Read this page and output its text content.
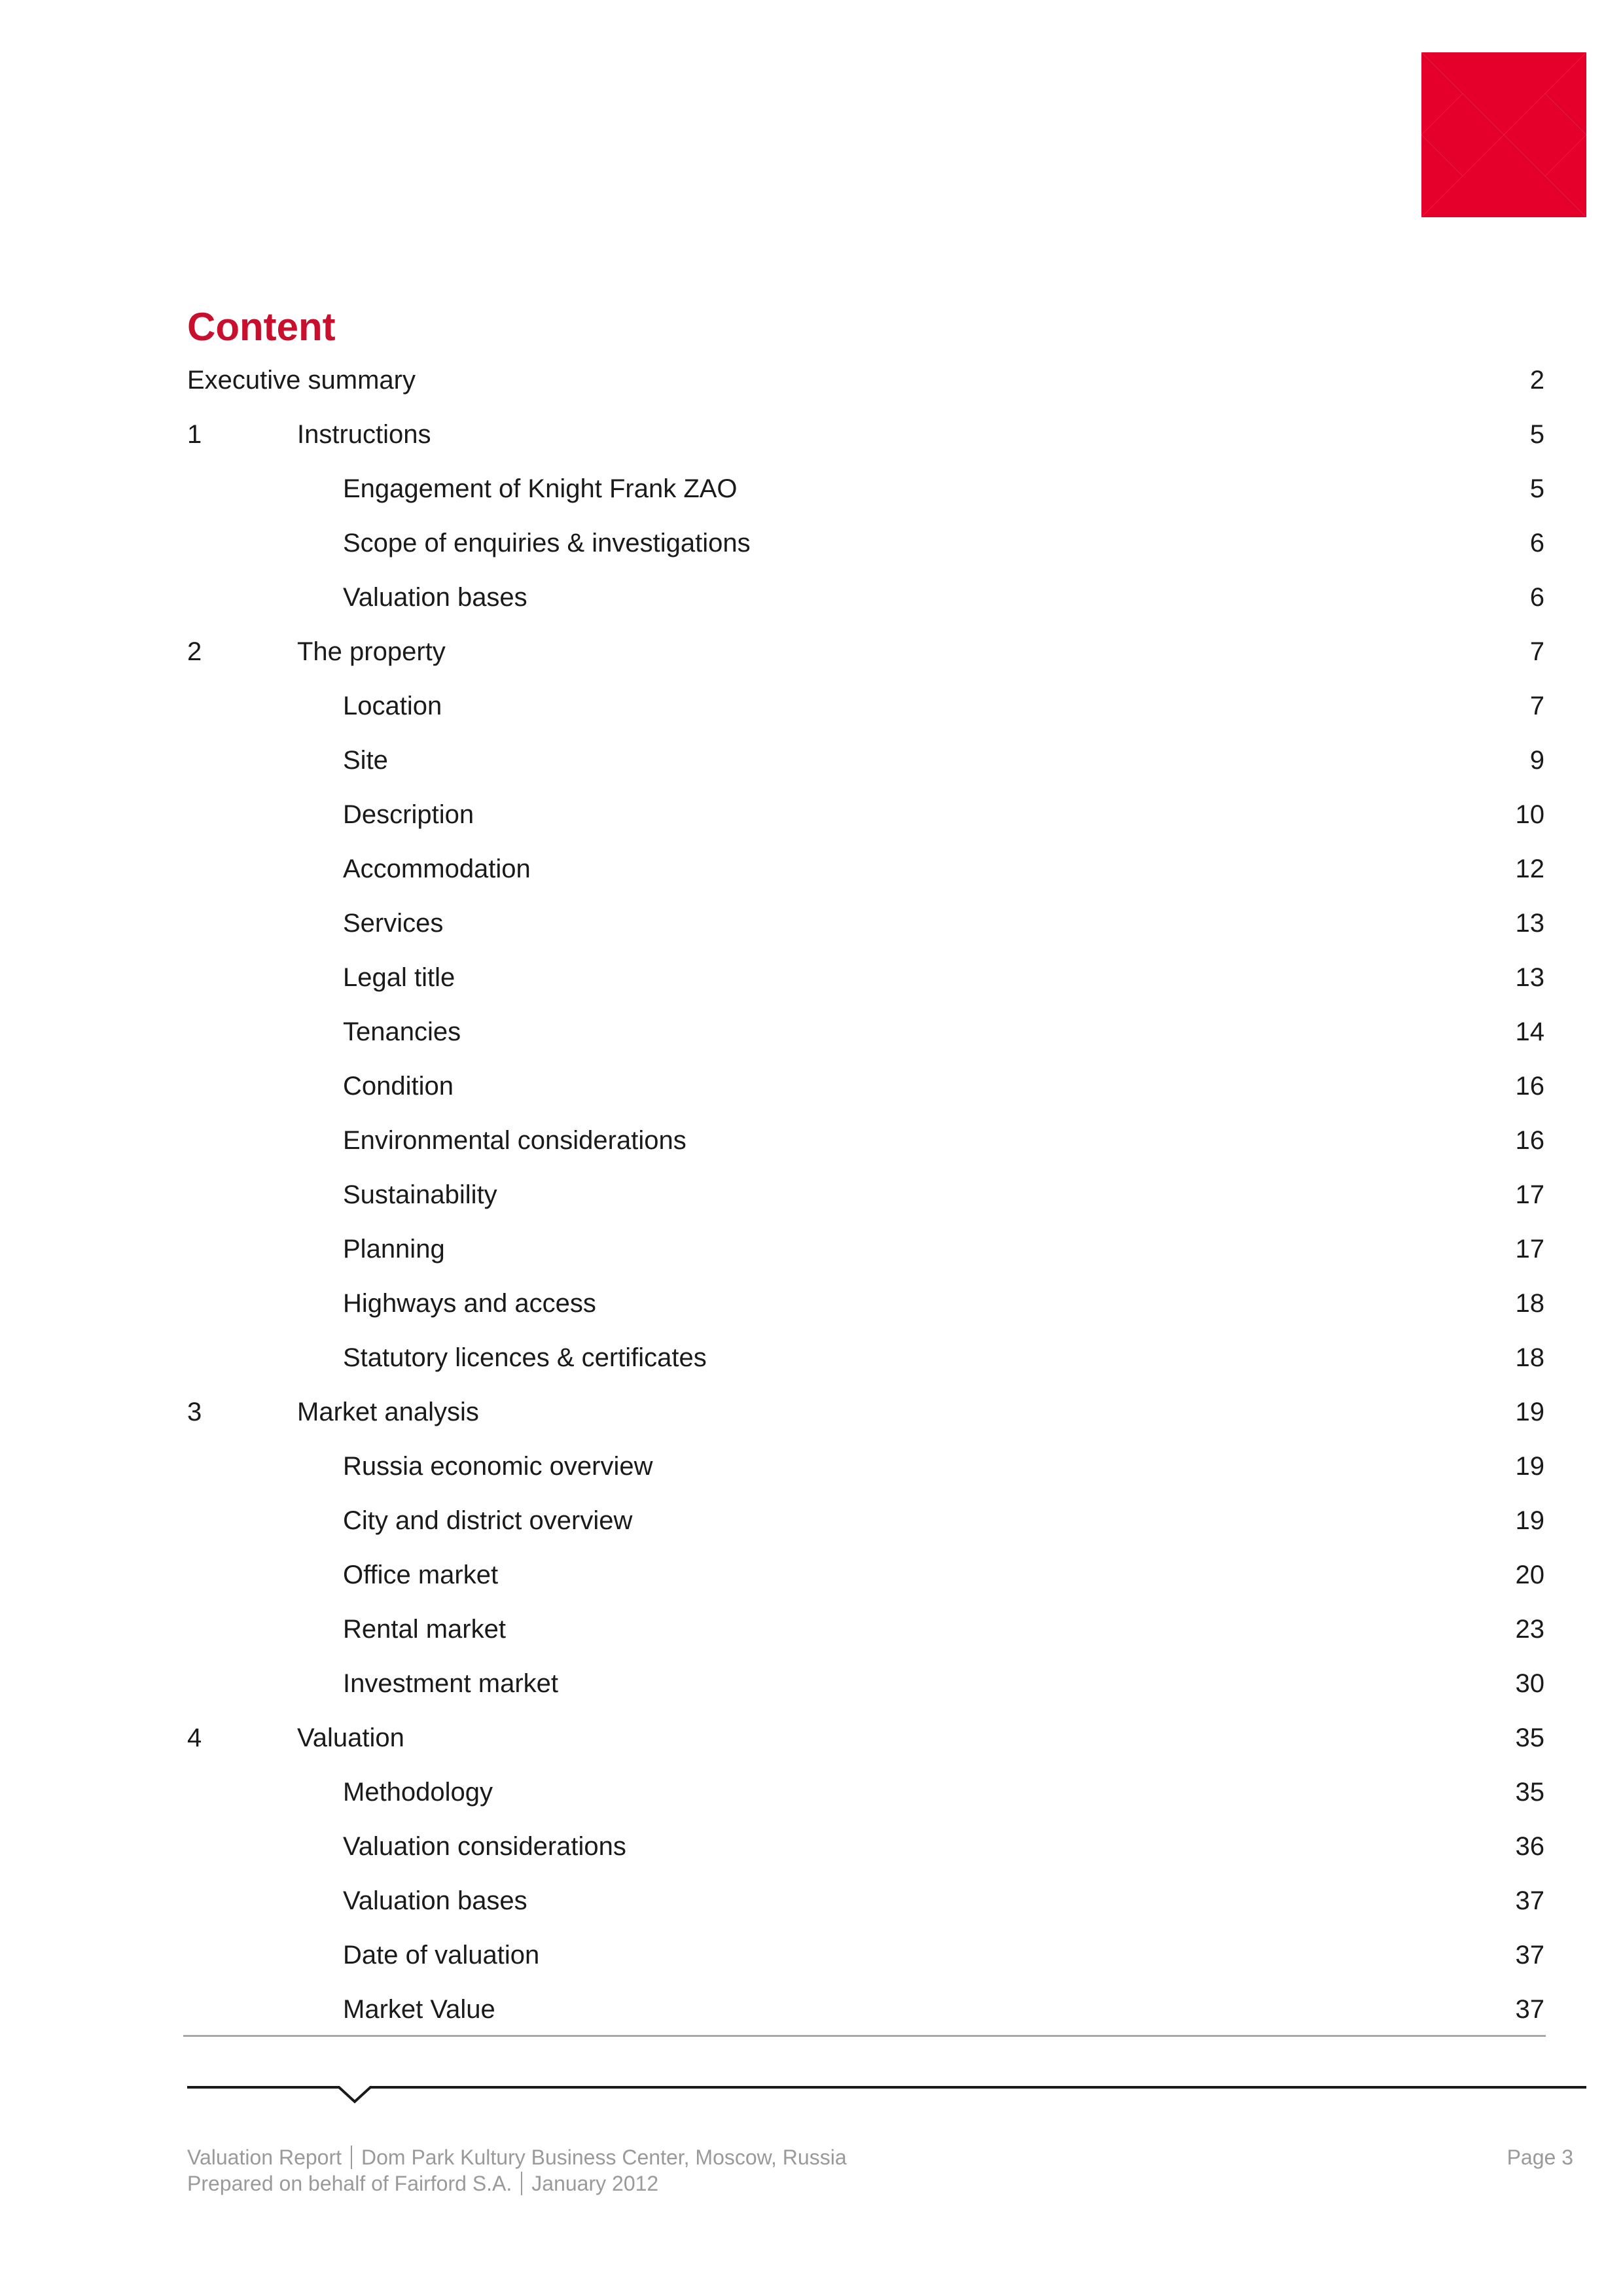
Content
Executive summary	2
1	Instructions	5
Engagement of Knight Frank ZAO	5
Scope of enquiries & investigations	6
Valuation bases	6
2	The property	7
Location	7
Site	9
Description	10
Accommodation	12
Services	13
Legal title	13
Tenancies	14
Condition	16
Environmental considerations	16
Sustainability	17
Planning	17
Highways and access	18
Statutory licences & certificates	18
3	Market analysis	19
Russia economic overview	19
City and district overview	19
Office market	20
Rental market	23
Investment market	30
4	Valuation	35
Methodology	35
Valuation considerations	36
Valuation bases	37
Date of valuation	37
Market Value	37
Valuation Report Dom Park Kultury Business Center, Moscow, Russia
Prepared on behalf of Fairford S.A. January 2012
Page 3
